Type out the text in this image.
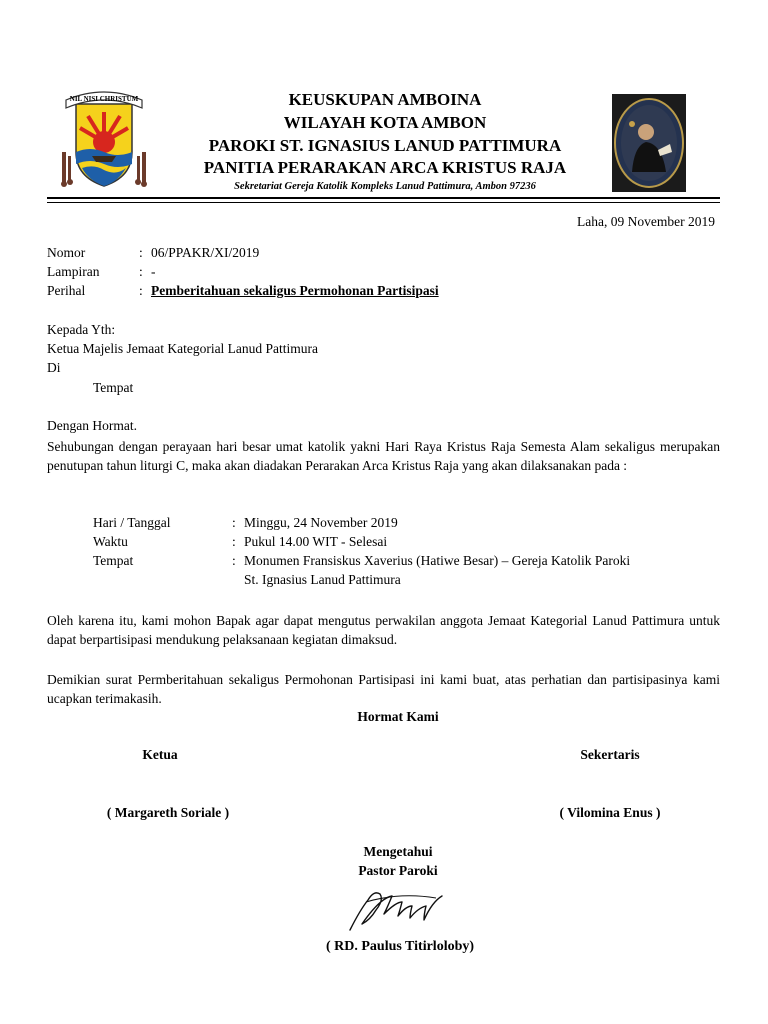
NIL NISI CHRISTUM	KEUSKUPAN AMBOINA
WILAYAH KOTA AMBON
PAROKI ST. IGNASIUS LANUD PATTIMURA
PANITIA PERARAKAN ARCA KRISTUS RAJA
Sekretariat Gereja Katolik Kompleks Lanud Pattimura, Ambon 97236
Laha, 09 November 2019
Nomor	: 06/PPAKR/XI/2019
Lampiran	: -
Perihal	: Pemberitahuan sekaligus Permohonan Partisipasi
Kepada Yth:
Ketua Majelis Jemaat Kategorial Lanud Pattimura
Di
Tempat
Dengan Hormat.
Sehubungan dengan perayaan hari besar umat katolik yakni Hari Raya Kristus Raja Semesta Alam sekaligus merupakan penutupan tahun liturgi C, maka akan diadakan Perarakan Arca Kristus Raja yang akan dilaksanakan pada :
Hari / Tanggal	: Minggu, 24 November 2019
Waktu	: Pukul 14.00 WIT - Selesai
Tempat	: Monumen Fransiskus Xaverius (Hatiwe Besar) – Gereja Katolik Paroki
St. Ignasius Lanud Pattimura
Oleh karena itu, kami mohon Bapak agar dapat mengutus perwakilan anggota Jemaat Kategorial Lanud Pattimura untuk dapat berpartisipasi mendukung pelaksanaan kegiatan dimaksud.
Demikian surat Permberitahuan sekaligus Permohonan Partisipasi ini kami buat, atas perhatian dan partisipasinya kami ucapkan terimakasih.
Hormat Kami
Ketua	Sekertaris
( Margareth Soriale )	( Vilomina Enus )
Mengetahui
Pastor Paroki
( RD. Paulus Titirloloby)
